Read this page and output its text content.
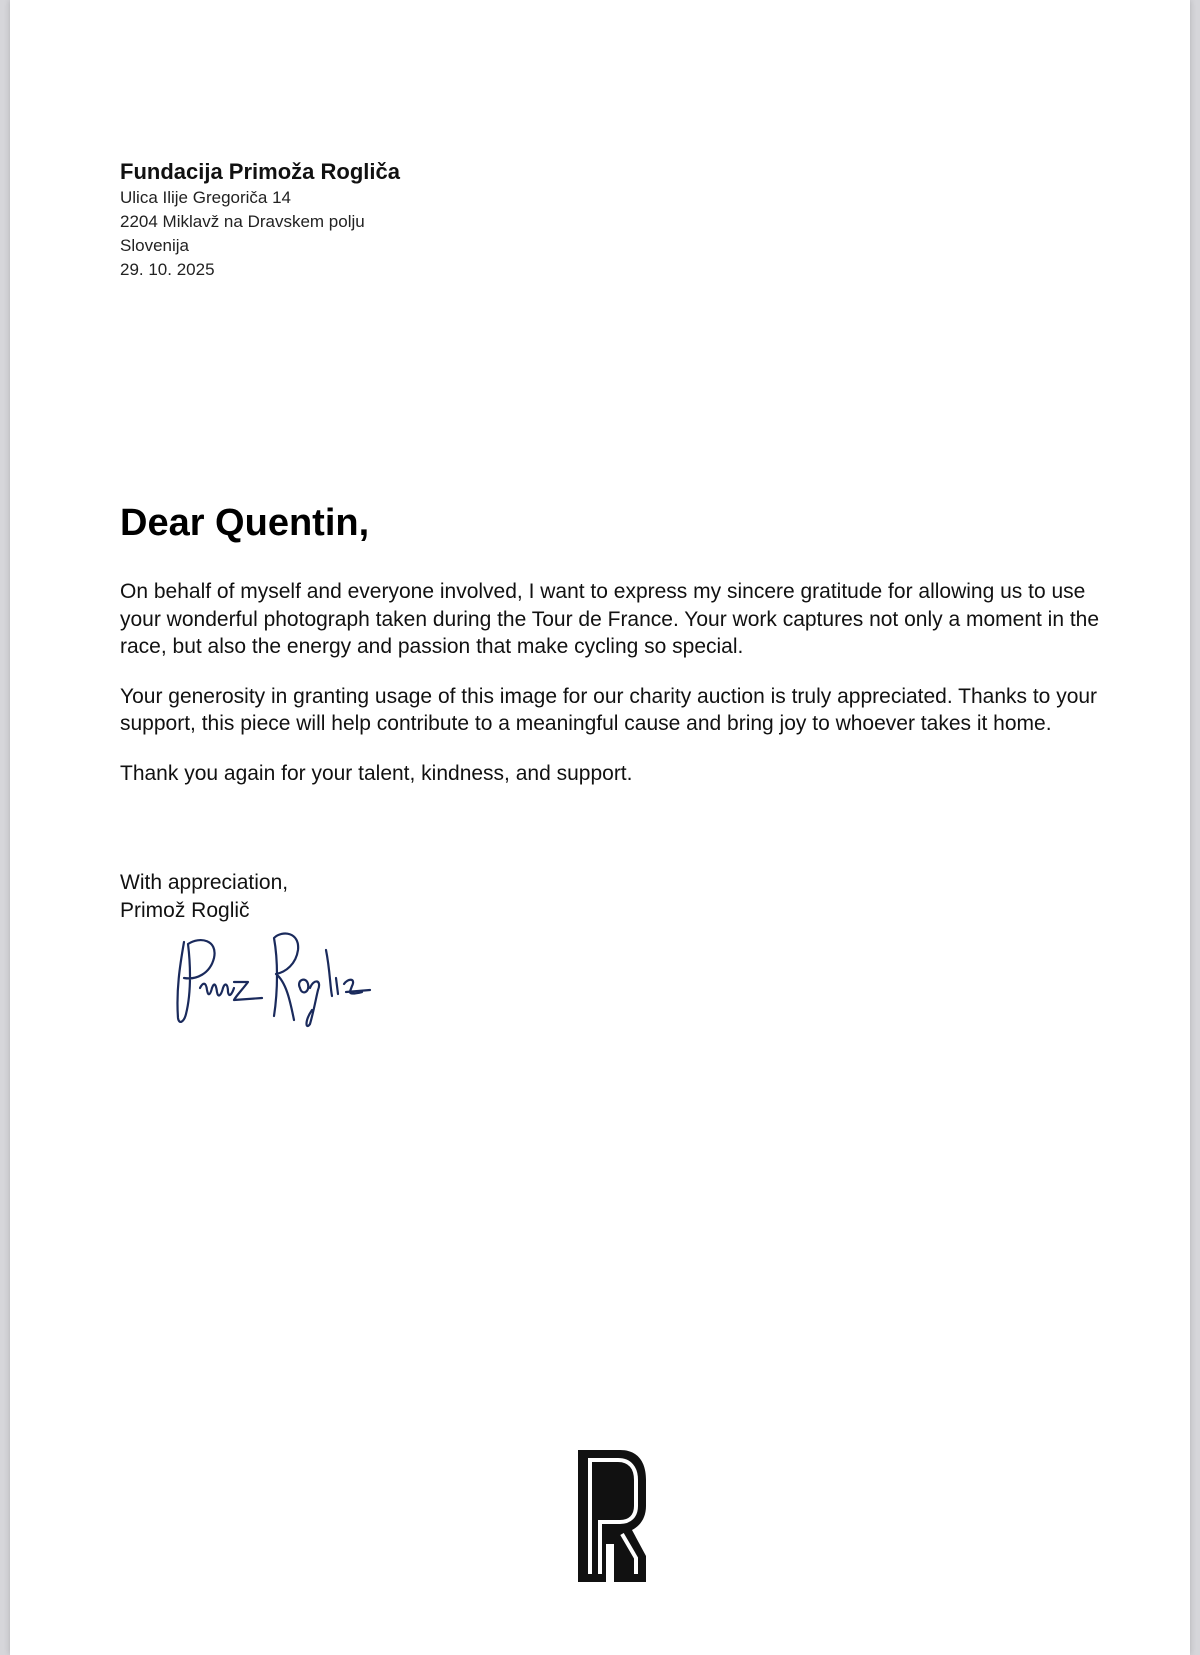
Fundacija Primoža Rogliča
Ulica Ilije Gregoriča 14
2204 Miklavž na Dravskem polju
Slovenija
29. 10. 2025
Dear Quentin,

On behalf of myself and everyone involved, I want to express my sincere gratitude for allowing us to use your wonderful photograph taken during the Tour de France. Your work captures not only a moment in the race, but also the energy and passion that make cycling so special.

Your generosity in granting usage of this image for our charity auction is truly appreciated. Thanks to your support, this piece will help contribute to a meaningful cause and bring joy to whoever takes it home.

Thank you again for your talent, kindness, and support.

With appreciation,
Primož Roglič
